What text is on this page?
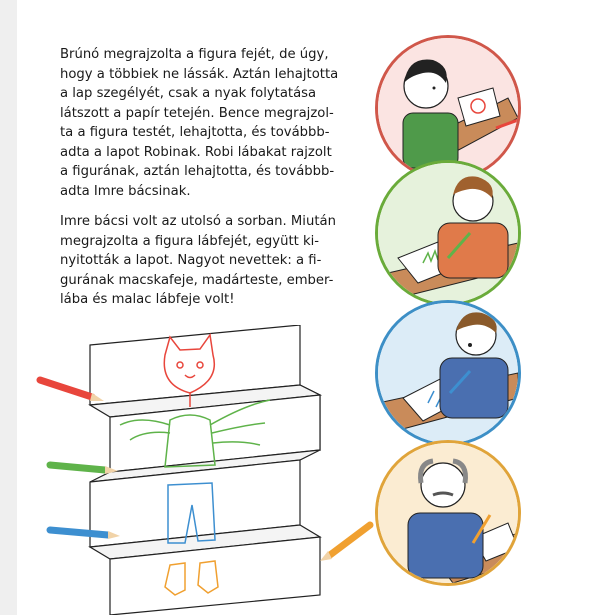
Brúnó megrajzolta a figura fejét, de úgy,
hogy a többiek ne lássák. Aztán lehajtotta
a lap szegélyét, csak a nyak folytatása
látszott a papír tetején. Bence megrajzol-
ta a figura testét, lehajtotta, és továbbb-
adta a lapot Robinak. Robi lábakat rajzolt
a figurának, aztán lehajtotta, és továbbb-
adta Imre bácsinak.
Imre bácsi volt az utolsó a sorban. Miután
megrajzolta a figura lábfejét, együtt ki-
nyitották a lapot. Nagyot nevettek: a fi-
gurának macskafeje, madárteste, ember-
lába és malac lábfeje volt!
